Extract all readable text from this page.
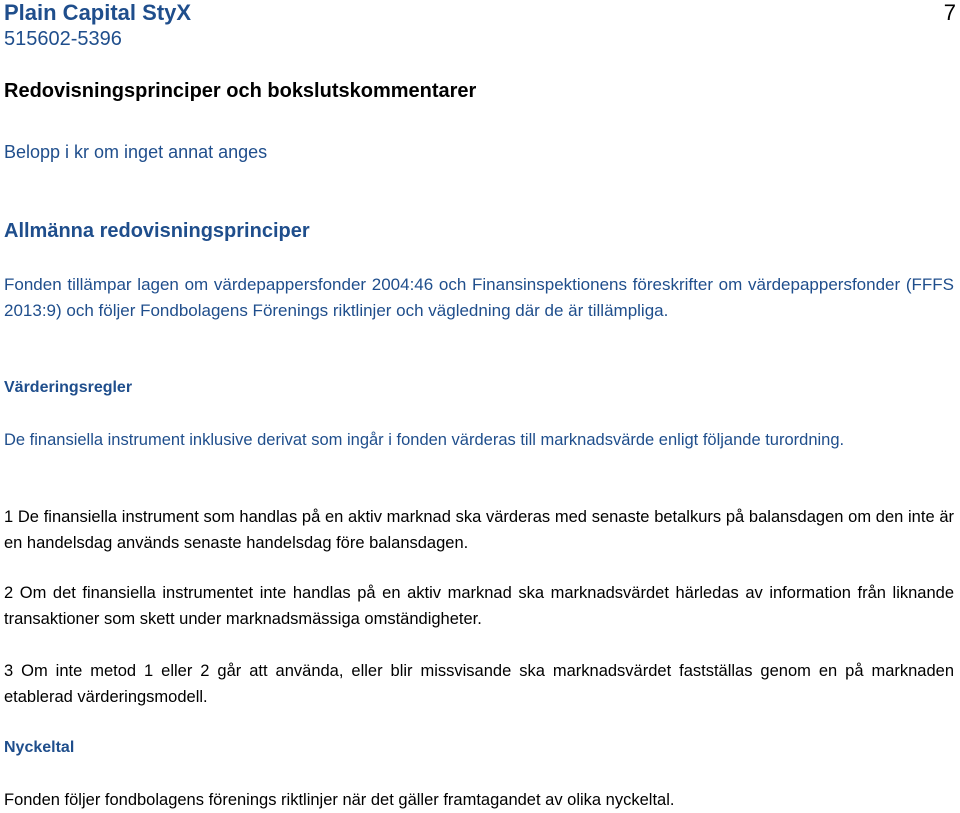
Plain Capital StyX
515602-5396
7
Redovisningsprinciper och bokslutskommentarer
Belopp i kr om inget annat anges
Allmänna redovisningsprinciper
Fonden tillämpar lagen om värdepappersfonder 2004:46 och Finansinspektionens föreskrifter om värdepappersfonder (FFFS 2013:9) och följer Fondbolagens Förenings riktlinjer och vägledning där de är tillämpliga.
Värderingsregler
De finansiella instrument inklusive derivat som ingår i fonden värderas till marknadsvärde enligt följande turordning.
1 De finansiella instrument som handlas på en aktiv marknad ska värderas med senaste betalkurs på balansdagen om den inte är en handelsdag används senaste handelsdag före balansdagen.
2 Om det finansiella instrumentet inte handlas på en aktiv marknad ska marknadsvärdet härledas av information från liknande transaktioner som skett under marknadsmässiga omständigheter.
3 Om inte metod 1 eller 2 går att använda, eller blir missvisande ska marknadsvärdet fastställas genom en på marknaden etablerad värderingsmodell.
Nyckeltal
Fonden följer fondbolagens förenings riktlinjer när det gäller framtagandet av olika nyckeltal.
